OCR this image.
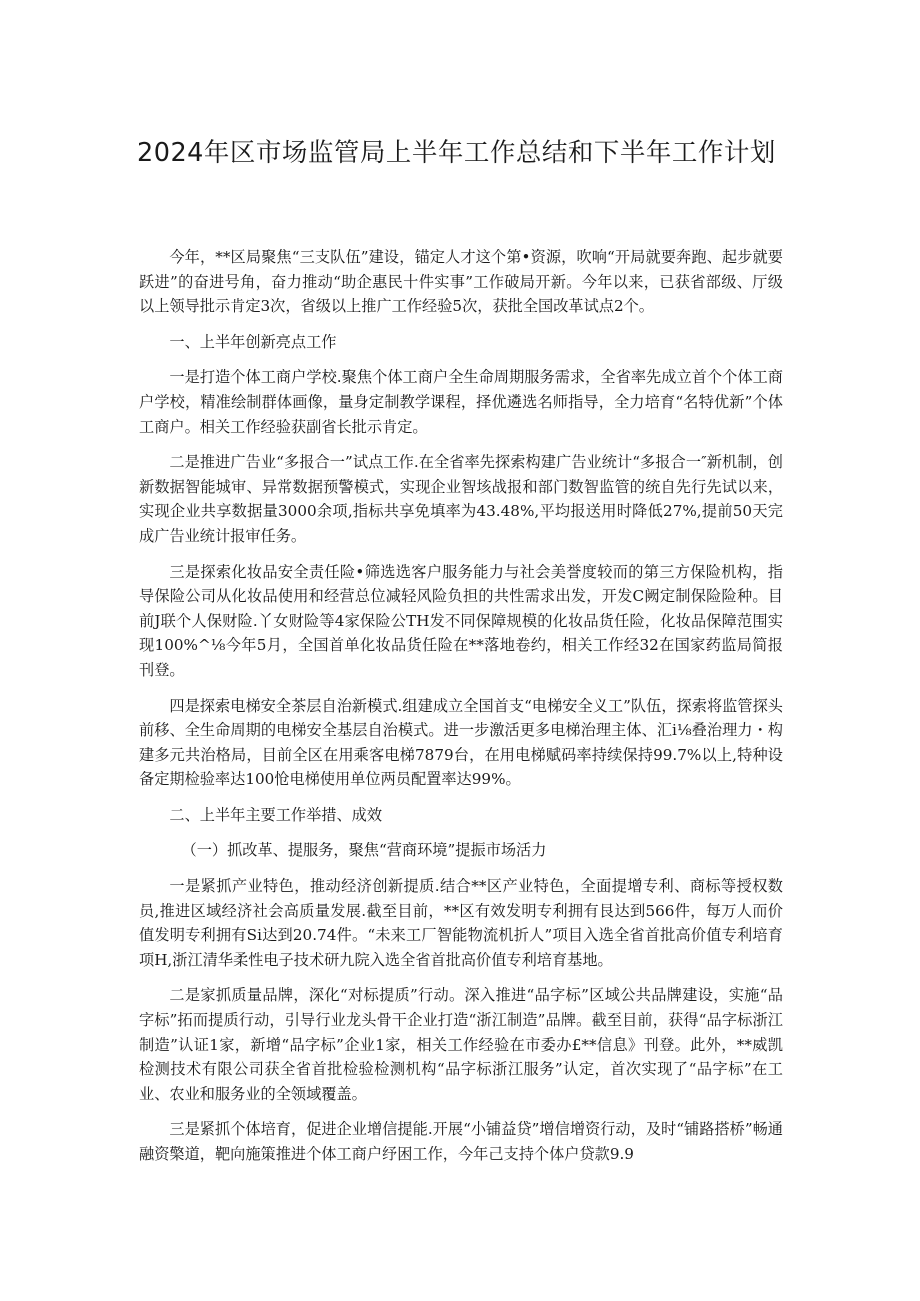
2024年区市场监管局上半年工作总结和下半年工作计划

今年，**区局聚焦“三支队伍”建设，锚定人才这个第•资源，吹响“开局就要奔跑、起步就要跃进”的奋进号角，奋力推动“助企惠民十件实事”工作破局开新。今年以来，已获省部级、厅级以上领导批示肯定3次，省级以上推广工作经验5次，获批全国改革试点2个。

一、上半年创新亮点工作

一是打造个体工商户学校.聚焦个体工商户全生命周期服务需求，全省率先成立首个个体工商户学校，精准绘制群体画像，量身定制教学课程，择优遴选名师指导，全力培育“名特优新”个体工商户。相关工作经验获副省长批示肯定。

二是推进广告业“多报合一”试点工作.在全省率先探索构建广告业统计“多报合一″新机制，创新数据智能城审、异常数据预警模式，实现企业智垓战报和部门数智监管的统自先行先试以来，实现企业共享数据量3000余项,指标共享免填率为43.48%,平均报送用时降低27%,提前50天完成广告业统计报审任务。

三是探索化妆品安全责任险•筛选选客户服务能力与社会美誉度较而的第三方保险机构，指导保险公司从化妆品使用和经营总位减轻风险负担的共性需求出发，开发C阙定制保险险种。目前J联个人保财险.丫女财险等4家保险公TH发不同保障规模的化妆品货任险，化妆品保障范围实现100%^⅛今年5月，全国首单化妆品货任险在**落地卷约，相关工作经32在国家药监局简报刊登。

四是探索电梯安全茶层自治新模式.组建成立全国首支“电梯安全义工”队伍，探索将监管探头前移、全生命周期的电梯安全基层自治模式。进一步激活更多电梯治理主体、汇i⅛叠治理力・构建多元共治格局，目前全区在用乘客电梯7879台，在用电梯赋码率持续保持99.7%以上,特种设备定期检验率达100怆电梯使用单位两员配置率达99%。

二、上半年主要工作举措、成效

（一）抓改革、提服务，聚焦“营商环境”提振市场活力

一是紧抓产业特色，推动经济创新提质.结合**区产业特色，全面提增专利、商标等授权数员,推进区域经济社会高质量发展.截至目前，**区有效发明专利拥有艮达到566件，每万人而价值发明专利拥有Si达到20.74件。“未来工厂智能物流机折人”项目入选全省首批高价值专利培育项H,浙江清华柔性电子技术研九院入选全省首批高价值专利培育基地。

二是家抓质量品牌，深化“对标提质”行动。深入推进“品字标”区域公共品牌建设，实施“品字标”拓而提质行动，引导行业龙头骨干企业打造“浙江制造”品牌。截至目前，获得“品字标浙江制造”认证1家，新增“品字标”企业1家，相关工作经验在市委办£**信息》刊登。此外，**威凯检测技术有限公司获全省首批检验检测机构“品字标浙江服务”认定，首次实现了“品字标”在工业、农业和服务业的全领域覆盖。

三是紧抓个体培育，促进企业增信提能.开展“小铺益贷”增信增资行动，及时“铺路搭桥”畅通融资檠道，靶向施策推进个体工商户纾困工作，今年己支持个体户贷款9.9
